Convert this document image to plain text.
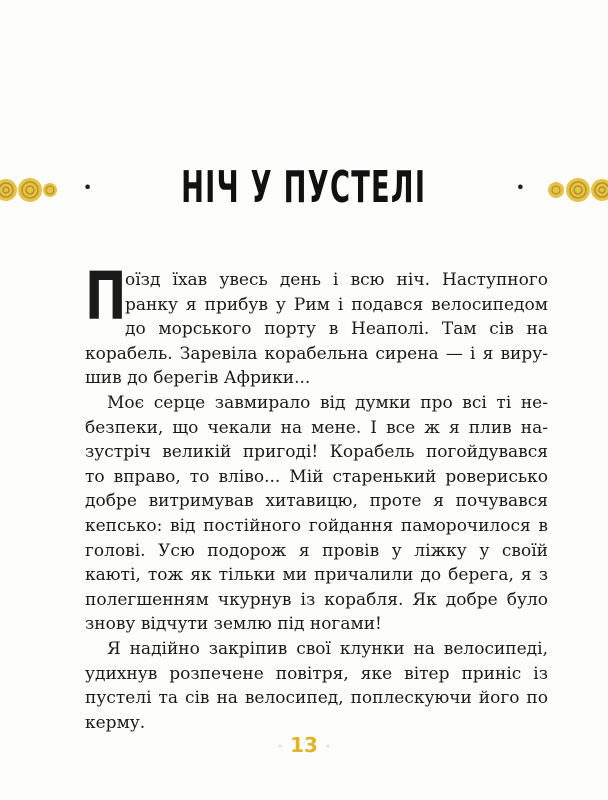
• НІЧ У ПУСТЕЛІ	•

П
оїзд їхав увесь день і всю ніч. Наступного ранку я прибув у Рим і подався велосипедом до морського порту в Неаполі. Там сів на корабель. Заревіла корабельна сирена — і я вирушив до берегів Африки...

Моє серце завмирало від думки про всі ті небезпеки, що чекали на мене. І все ж я плив назустріч великій пригоді! Корабель погойдувався то вправо, то вліво... Мій старенький ровериськo добре витримував хитавицю, проте я почувався кепсько: від постійного гойдання паморочилося в голові. Усю подорож я провів у ліжку у своїй каюті, тож як тільки ми причалили до берега, я з полегшенням чкурнув із корабля. Як добре було знову відчути землю під ногами!

Я надійно закріпив свої клунки на велосипеді, удихнув розпечене повітря, яке вітер приніс із пустелі та сів на велосипед, поплескуючи його по керму.

- 13 -
